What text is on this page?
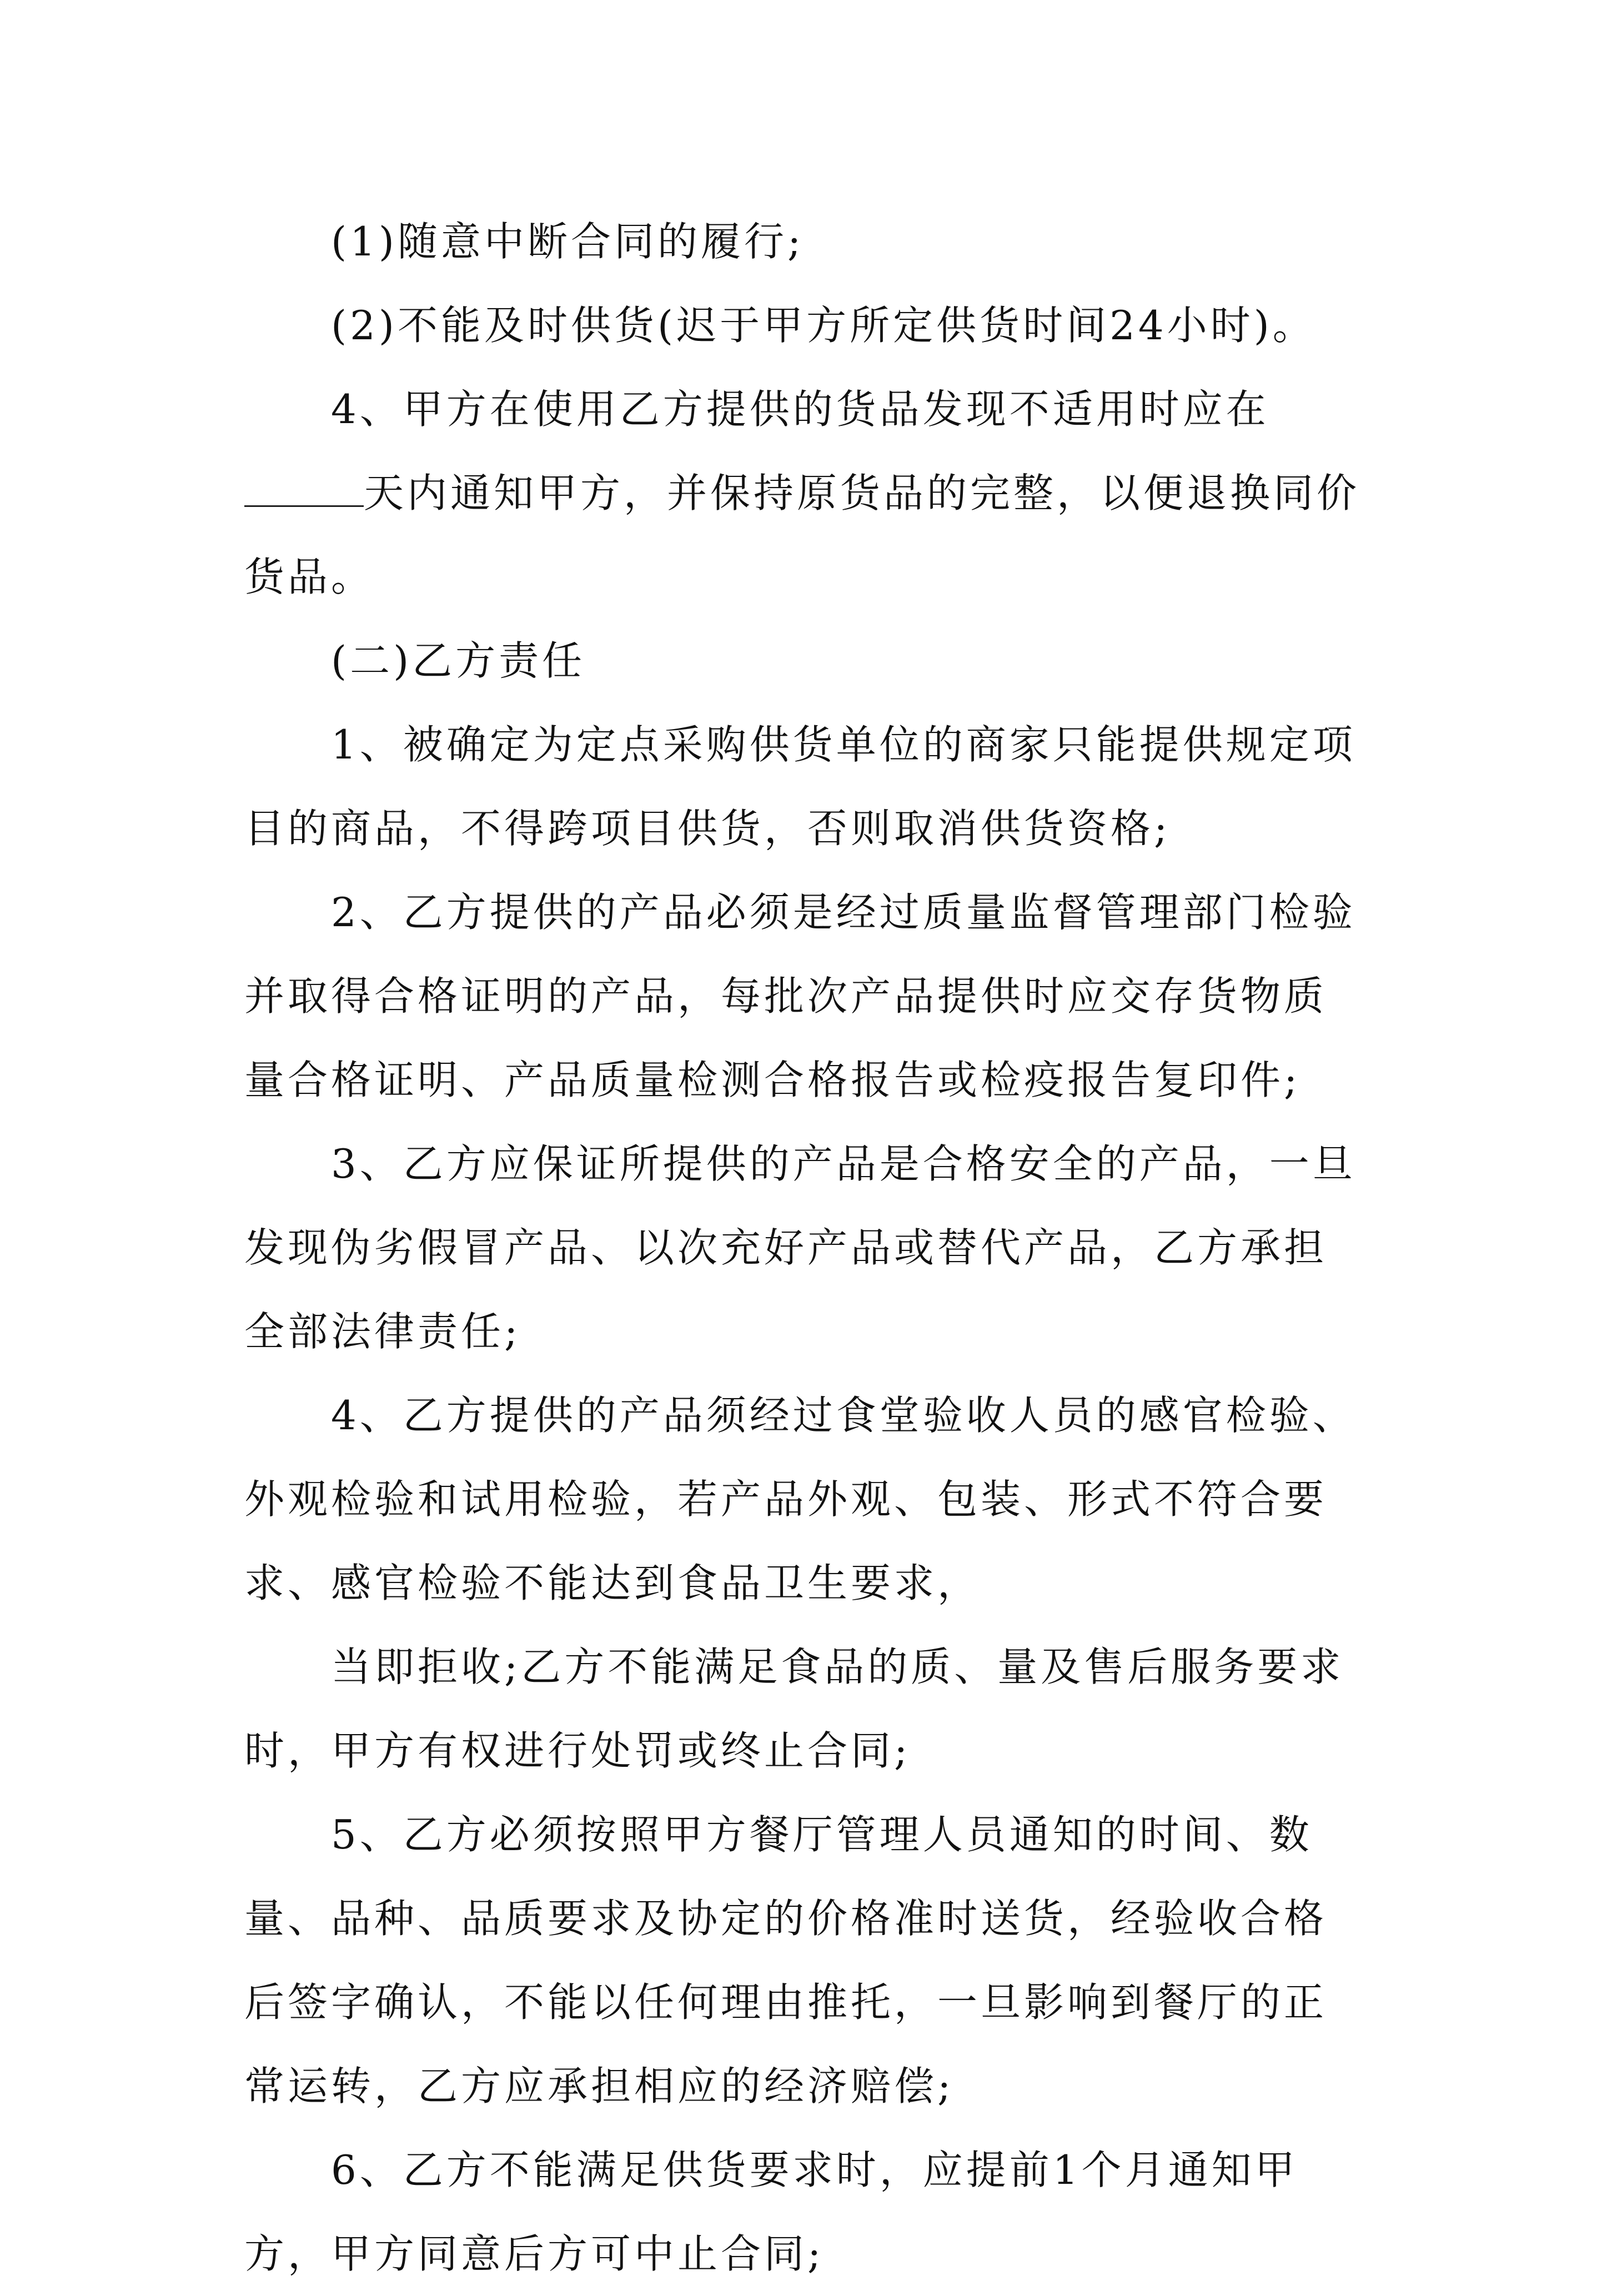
(1)随意中断合同的履行;

(2)不能及时供货(迟于甲方所定供货时间24小时)。

4、甲方在使用乙方提供的货品发现不适用时应在天内通知甲方，并保持原货品的完整，以便退换同价货品。

(二)乙方责任

1、被确定为定点采购供货单位的商家只能提供规定项目的商品，不得跨项目供货，否则取消供货资格;

2、乙方提供的产品必须是经过质量监督管理部门检验并取得合格证明的产品，每批次产品提供时应交存货物质量合格证明、产品质量检测合格报告或检疫报告复印件;

3、乙方应保证所提供的产品是合格安全的产品，一旦发现伪劣假冒产品、以次充好产品或替代产品，乙方承担全部法律责任;

4、乙方提供的产品须经过食堂验收人员的感官检验、外观检验和试用检验，若产品外观、包装、形式不符合要求、感官检验不能达到食品卫生要求，

当即拒收;乙方不能满足食品的质、量及售后服务要求时，甲方有权进行处罚或终止合同;

5、乙方必须按照甲方餐厅管理人员通知的时间、数量、品种、品质要求及协定的价格准时送货，经验收合格后签字确认，不能以任何理由推托，一旦影响到餐厅的正常运转，乙方应承担相应的经济赔偿;

6、乙方不能满足供货要求时，应提前1个月通知甲方，甲方同意后方可中止合同;
